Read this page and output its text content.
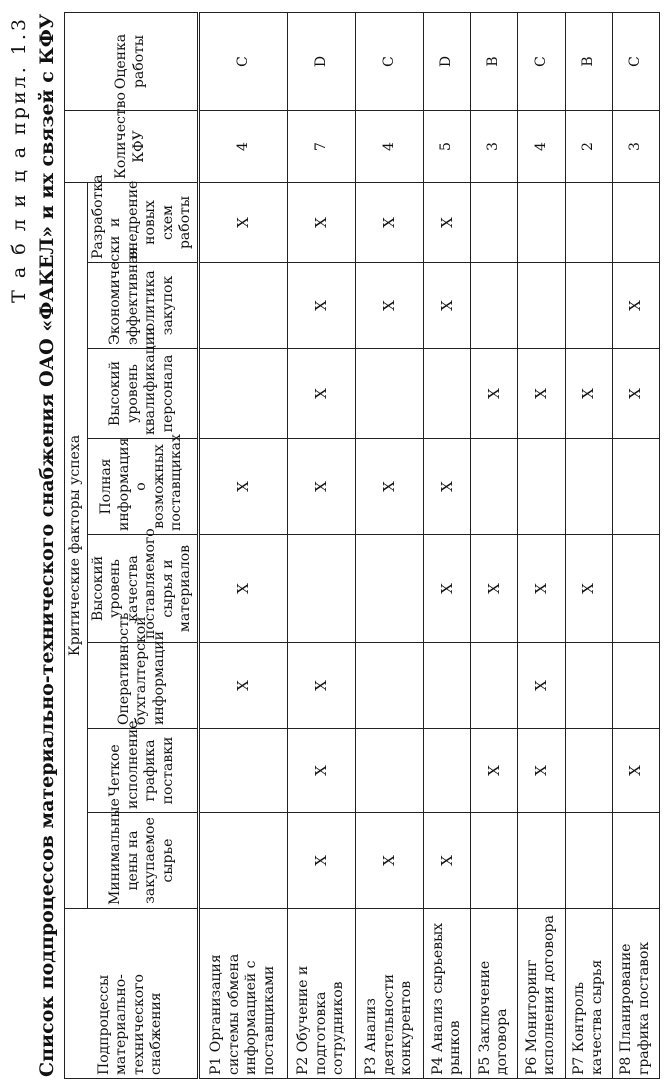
Т а б л и ц а прил. 1.3 Список подпроцессов материально-технического снабжения ОАО «ФАКЕЛ» и их связей с КФУ	Подпроцессы материально-технического снабжения	Критические факторы успеха								Количество КФУ	Оценка работы
	Минимальные цены на закупаемое сырье	Четкое исполнение графика поставки	Оперативность бухгалтерской информации	Высокий уровень качества поставляемого сырья и материалов	Полная информация о возможных поставщиках	Высокий уровень квалификации персонала	Экономически эффективная политика закупок	Разработка и внедрение новых схем работы		
P1 Организация системы обмена информацией с поставщиками			X	X	X			X	4	C
P2 Обучение и подготовка сотрудников	X	X	X		X	X	X	X	7	D
P3 Анализ деятельности конкурентов	X				X		X	X	4	C
P4 Анализ сырьевых рынков	X			X	X		X	X	5	D
P5 Заключение договора		X		X		X			3	B
P6 Мониторинг исполнения договора		X	X	X		X			4	C
P7 Контроль качества сырья				X		X			2	B
P8 Планирование графика поставок		X				X	X		3	C
